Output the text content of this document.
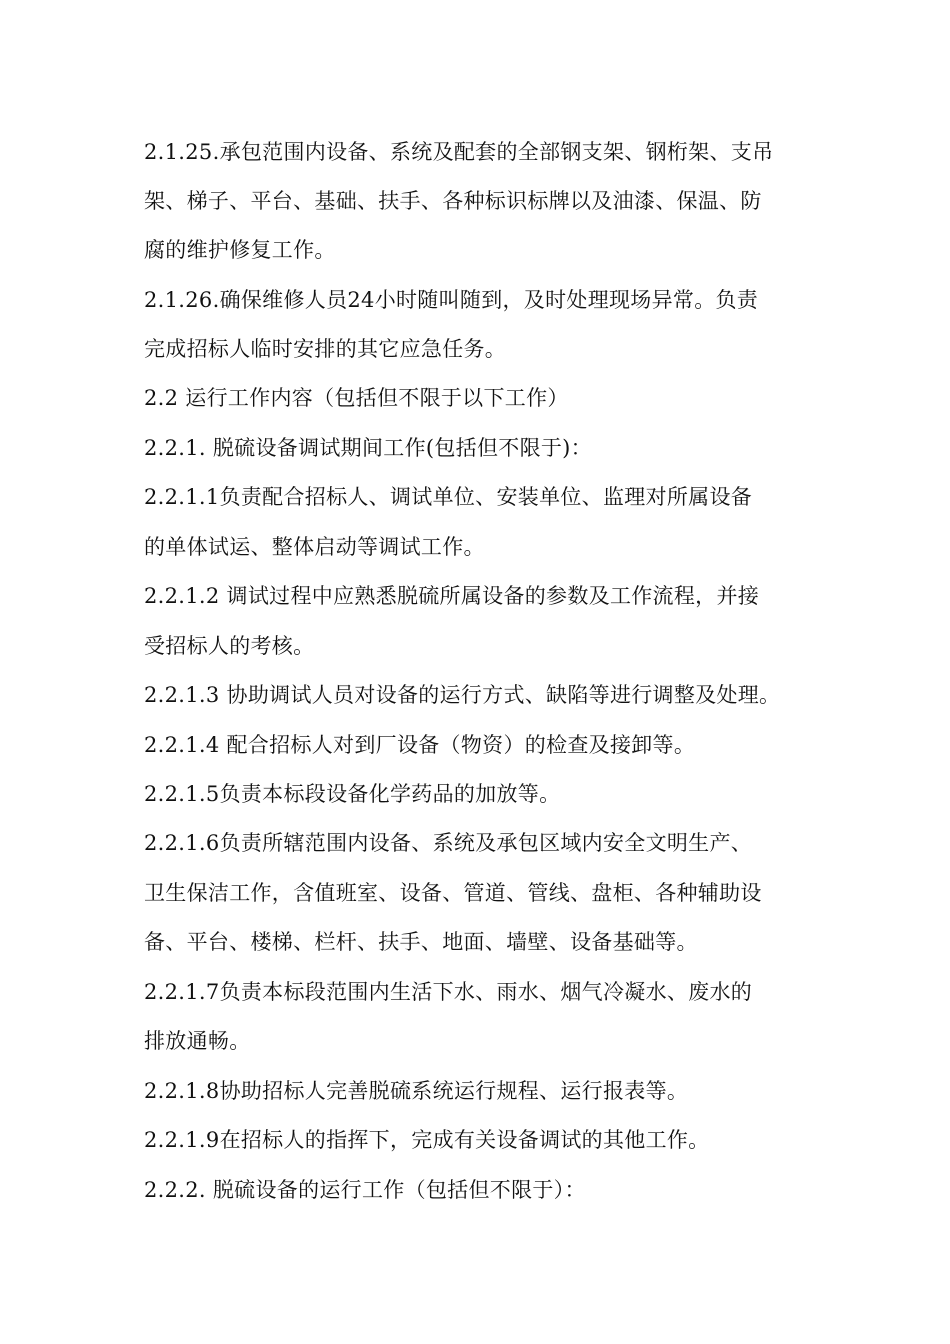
2.1.25.承包范围内设备、系统及配套的全部钢支架、钢桁架、支吊
架、梯子、平台、基础、扶手、各种标识标牌以及油漆、保温、防
腐的维护修复工作。
2.1.26.确保维修人员24小时随叫随到，及时处理现场异常。负责
完成招标人临时安排的其它应急任务。
2.2 运行工作内容（包括但不限于以下工作）
2.2.1. 脱硫设备调试期间工作(包括但不限于)：
2.2.1.1负责配合招标人、调试单位、安装单位、监理对所属设备
的单体试运、整体启动等调试工作。
2.2.1.2 调试过程中应熟悉脱硫所属设备的参数及工作流程，并接
受招标人的考核。
2.2.1.3 协助调试人员对设备的运行方式、缺陷等进行调整及处理。
2.2.1.4 配合招标人对到厂设备（物资）的检查及接卸等。
2.2.1.5负责本标段设备化学药品的加放等。
2.2.1.6负责所辖范围内设备、系统及承包区域内安全文明生产、
卫生保洁工作，含值班室、设备、管道、管线、盘柜、各种辅助设
备、平台、楼梯、栏杆、扶手、地面、墙壁、设备基础等。
2.2.1.7负责本标段范围内生活下水、雨水、烟气冷凝水、废水的
排放通畅。
2.2.1.8协助招标人完善脱硫系统运行规程、运行报表等。
2.2.1.9在招标人的指挥下，完成有关设备调试的其他工作。
2.2.2. 脱硫设备的运行工作（包括但不限于）：
